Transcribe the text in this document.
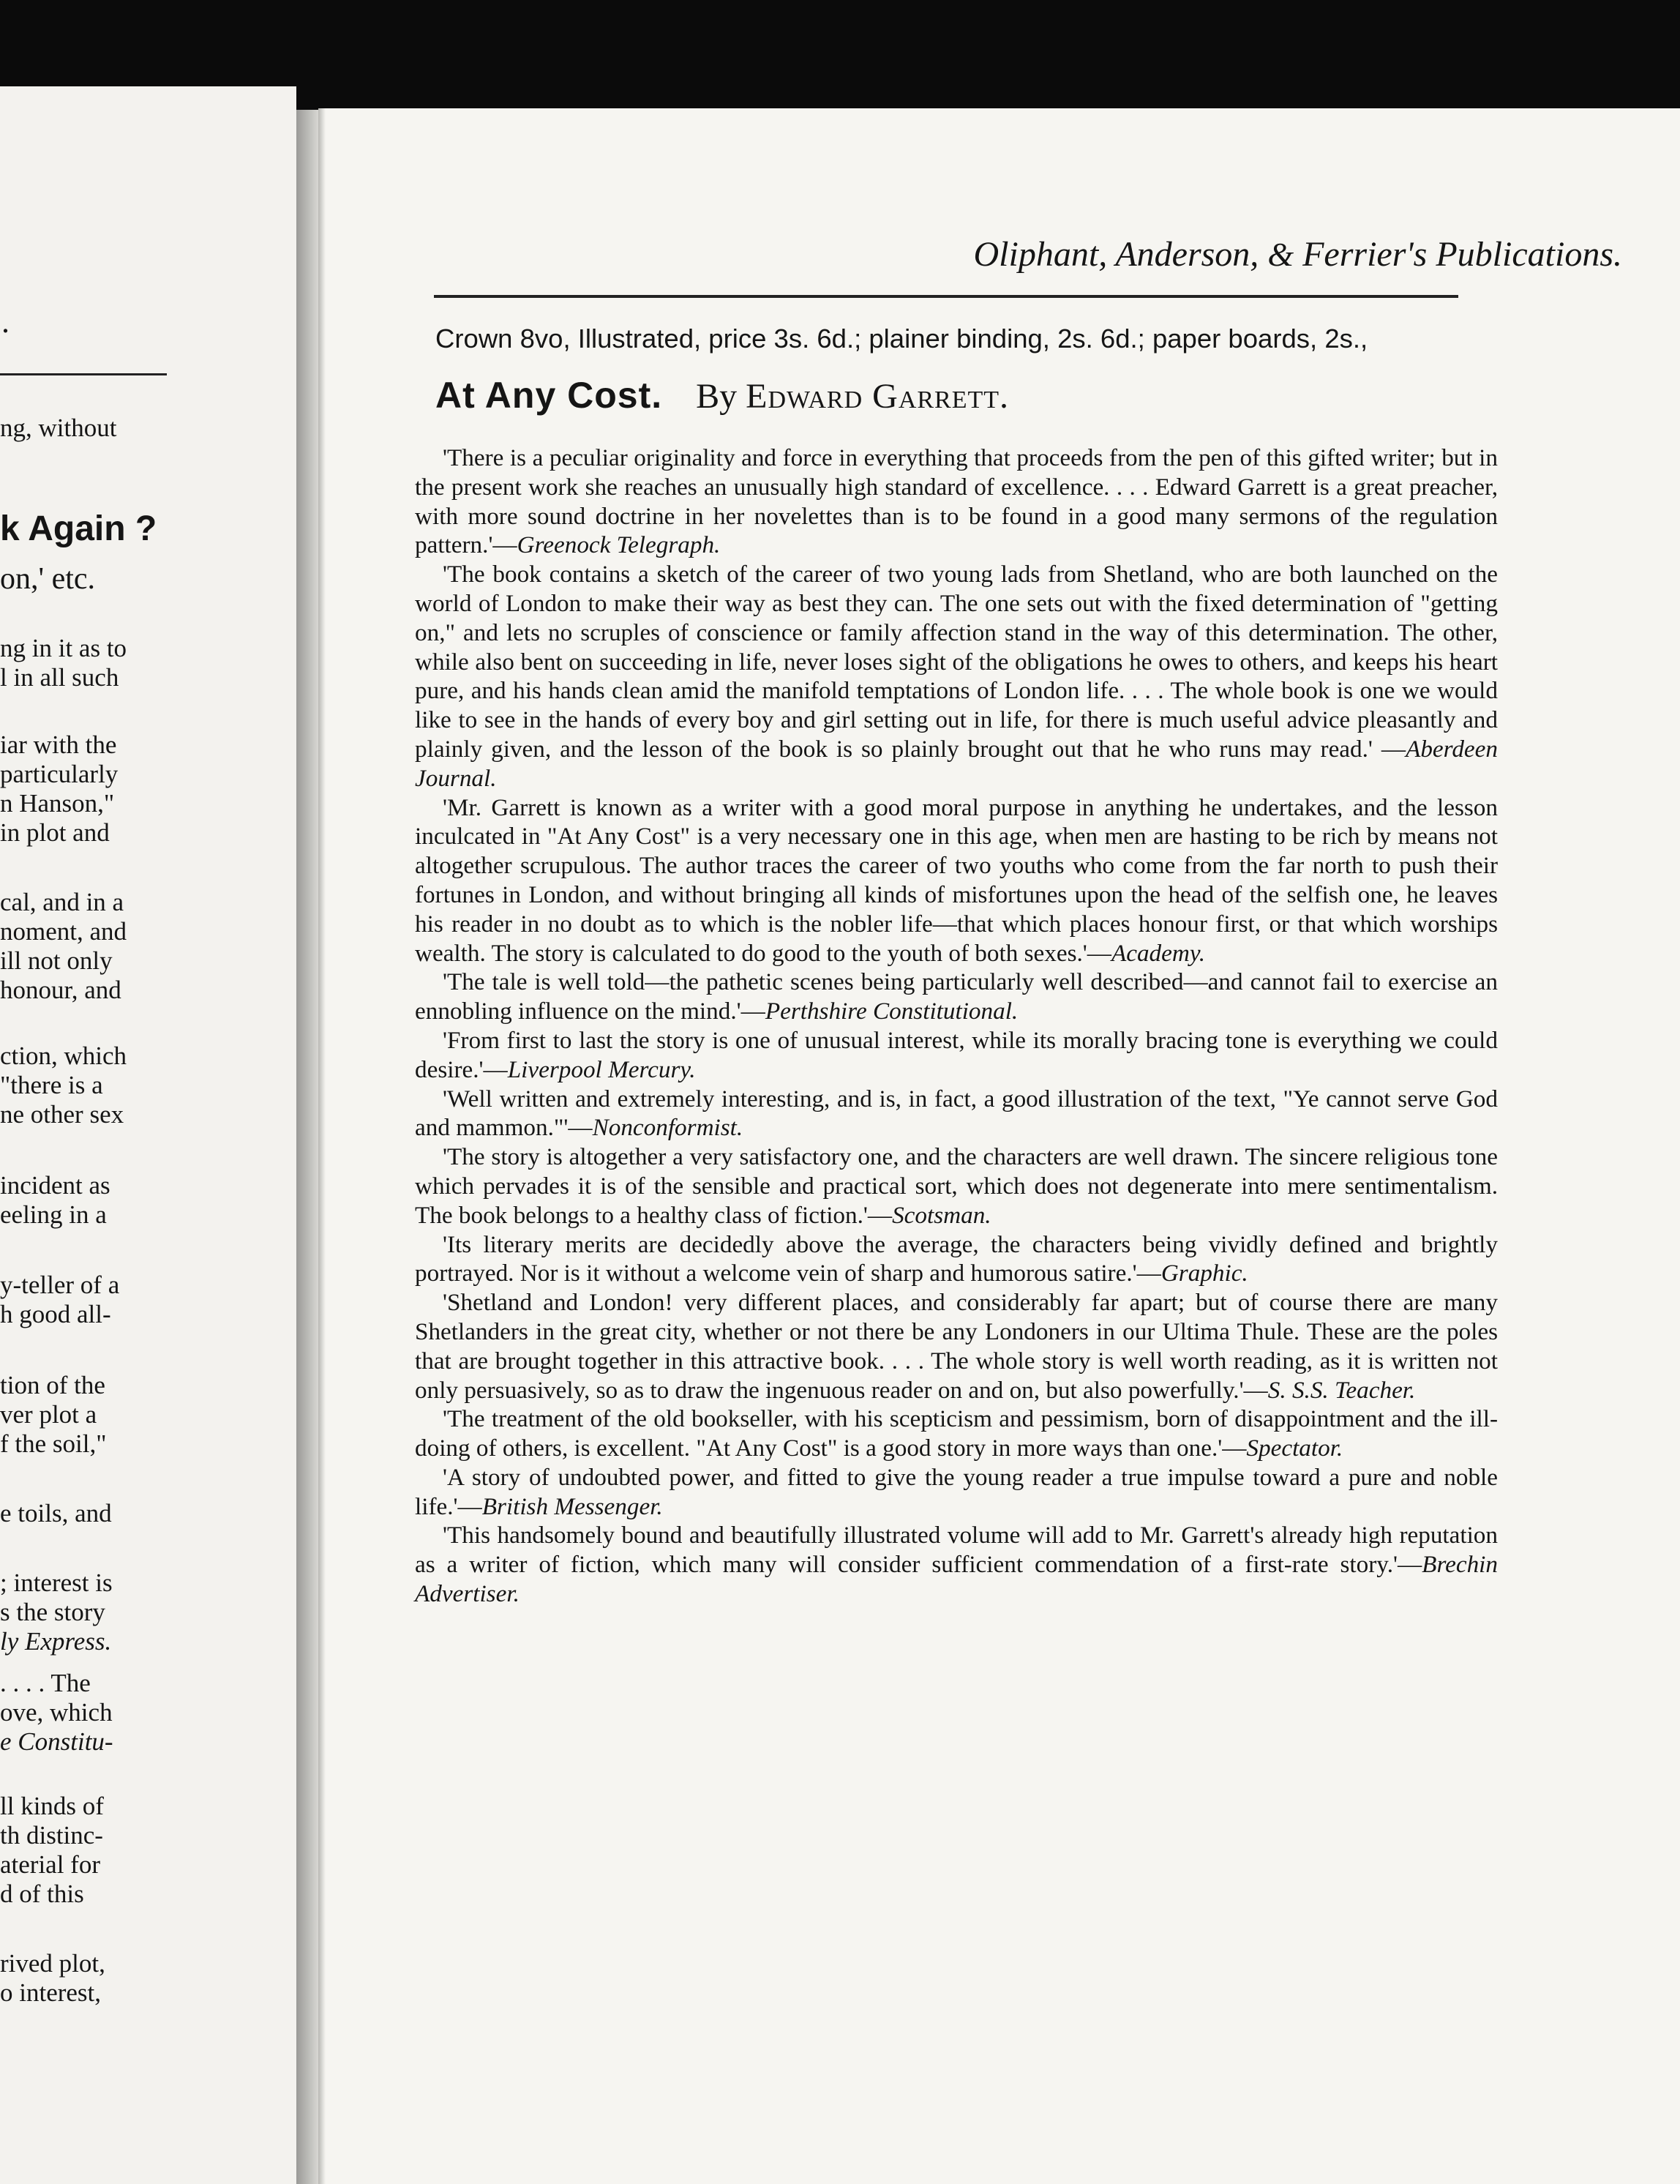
.
ng, without
k Again ?
on,' etc.
ng in it as to
l in all such
iar with the
particularly
n Hanson,"
in plot and
cal, and in a
noment, and
ill not only
honour, and
ction, which
"there is a
ne other sex
incident as
eeling in a
y-teller of a
h good all-
tion of the
ver plot a
f the soil,"
e toils, and
; interest is
s the story
ly Express.
. . . . The
ove, which
e Constitu-
ll kinds of
th distinc-
aterial for
d of this
rived plot,
o interest,
Oliphant, Anderson, & Ferrier's Publications.
Crown 8vo, Illustrated, price 3s. 6d.; plainer binding, 2s. 6d.; paper boards, 2s.,
At Any Cost. By Edward Garrett.

'There is a peculiar originality and force in everything that proceeds from the pen of this gifted writer; but in the present work she reaches an unusually high standard of excellence. . . . Edward Garrett is a great preacher, with more sound doctrine in her novelettes than is to be found in a good many sermons of the regulation pattern.'—Greenock Telegraph.

'The book contains a sketch of the career of two young lads from Shetland, who are both launched on the world of London to make their way as best they can. The one sets out with the fixed determination of "getting on," and lets no scruples of conscience or family affection stand in the way of this determination. The other, while also bent on succeeding in life, never loses sight of the obligations he owes to others, and keeps his heart pure, and his hands clean amid the manifold temptations of London life. . . . The whole book is one we would like to see in the hands of every boy and girl setting out in life, for there is much useful advice pleasantly and plainly given, and the lesson of the book is so plainly brought out that he who runs may read.' —Aberdeen Journal.

'Mr. Garrett is known as a writer with a good moral purpose in anything he undertakes, and the lesson inculcated in "At Any Cost" is a very necessary one in this age, when men are hasting to be rich by means not altogether scrupulous. The author traces the career of two youths who come from the far north to push their fortunes in London, and without bringing all kinds of misfortunes upon the head of the selfish one, he leaves his reader in no doubt as to which is the nobler life—that which places honour first, or that which worships wealth. The story is calculated to do good to the youth of both sexes.'—Academy.

'The tale is well told—the pathetic scenes being particularly well described—and cannot fail to exercise an ennobling influence on the mind.'—Perthshire Constitutional.

'From first to last the story is one of unusual interest, while its morally bracing tone is everything we could desire.'—Liverpool Mercury.

'Well written and extremely interesting, and is, in fact, a good illustration of the text, "Ye cannot serve God and mammon."'—Nonconformist.

'The story is altogether a very satisfactory one, and the characters are well drawn. The sincere religious tone which pervades it is of the sensible and practical sort, which does not degenerate into mere sentimentalism. The book belongs to a healthy class of fiction.'—Scotsman.

'Its literary merits are decidedly above the average, the characters being vividly defined and brightly portrayed. Nor is it without a welcome vein of sharp and humorous satire.'—Graphic.

'Shetland and London! very different places, and considerably far apart; but of course there are many Shetlanders in the great city, whether or not there be any Londoners in our Ultima Thule. These are the poles that are brought together in this attractive book. . . . The whole story is well worth reading, as it is written not only persuasively, so as to draw the ingenuous reader on and on, but also powerfully.'—S. S.S. Teacher.

'The treatment of the old bookseller, with his scepticism and pessimism, born of disappointment and the ill-doing of others, is excellent. "At Any Cost" is a good story in more ways than one.'—Spectator.

'A story of undoubted power, and fitted to give the young reader a true impulse toward a pure and noble life.'—British Messenger.

'This handsomely bound and beautifully illustrated volume will add to Mr. Garrett's already high reputation as a writer of fiction, which many will consider sufficient commendation of a first-rate story.'—Brechin Advertiser.
